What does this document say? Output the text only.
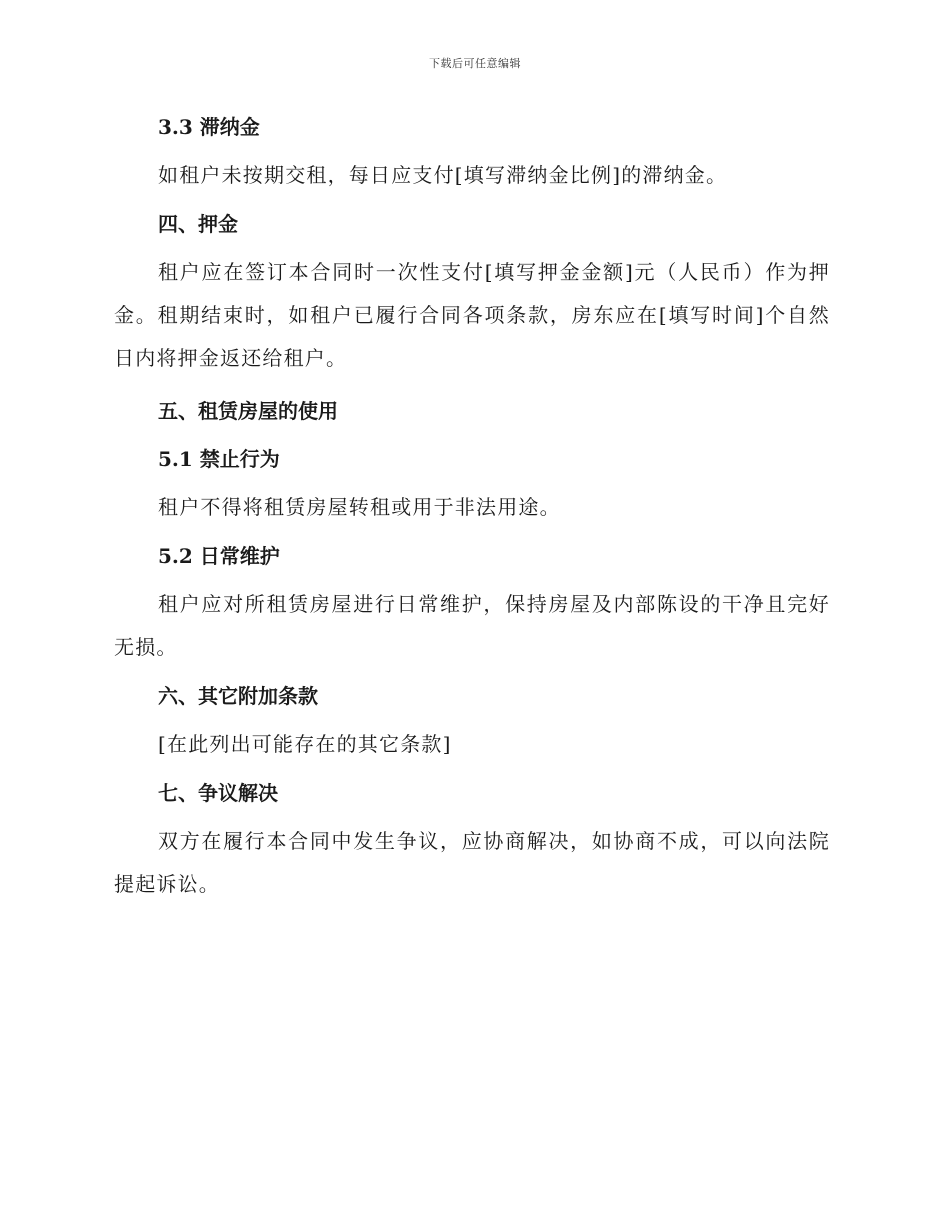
下载后可任意编辑

3.3 滞纳金

如租户未按期交租，每日应支付[填写滞纳金比例]的滞纳金。

四、押金

租户应在签订本合同时一次性支付[填写押金金额]元（人民币）作为押金。租期结束时，如租户已履行合同各项条款，房东应在[填写时间]个自然日内将押金返还给租户。

五、租赁房屋的使用

5.1 禁止行为

租户不得将租赁房屋转租或用于非法用途。

5.2 日常维护

租户应对所租赁房屋进行日常维护，保持房屋及内部陈设的干净且完好无损。

六、其它附加条款

[在此列出可能存在的其它条款]

七、争议解决

双方在履行本合同中发生争议，应协商解决，如协商不成，可以向法院提起诉讼。
